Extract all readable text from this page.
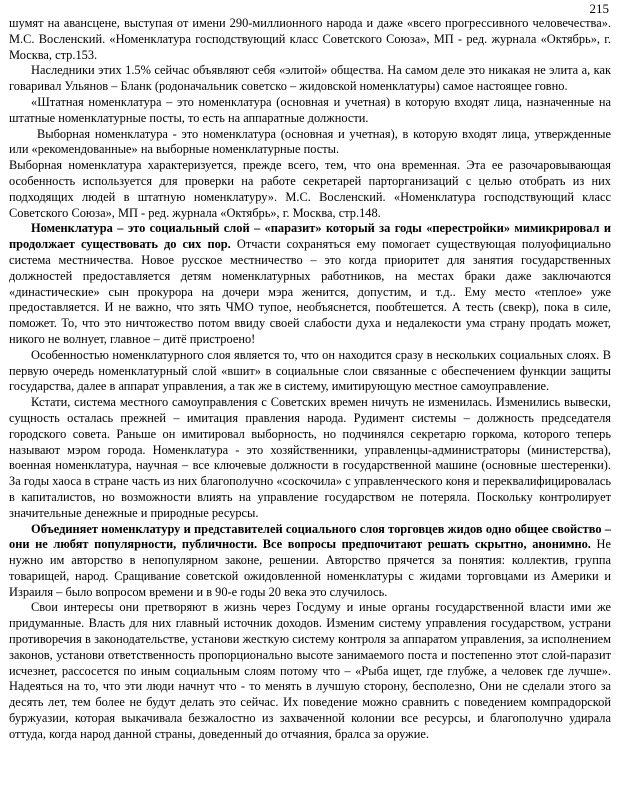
215

шумят на авансцене, выступая от имени 290-миллионного народа и даже «всего прогрессивного человечества». М.С. Восленский. «Номенклатура господствующий класс Советского Союза», МП - ред. журнала «Октябрь», г. Москва, стр.153.

Наследники этих 1.5% сейчас объявляют себя «элитой» общества. На самом деле это никакая не элита а, как говаривал Ульянов – Бланк (родоначальник советско – жидовской номенклатуры) самое настоящее говно.

«Штатная номенклатура – это номенклатура (основная и учетная) в которую входят лица, назначенные на штатные номенклатурные посты, то есть на аппаратные должности.

Выборная номенклатура - это номенклатура (основная и учетная), в которую входят лица, утвержденные или «рекомендованные» на выборные номенклатурные посты.

Выборная номенклатура характеризуется, прежде всего, тем, что она временная. Эта ее разочаровывающая особенность используется для проверки на работе секретарей парторганизаций с целью отобрать из них подходящих людей в штатную номенклатуру». М.С. Восленский. «Номенклатура господствующий класс Советского Союза», МП - ред. журнала «Октябрь», г. Москва, стр.148.

Номенклатура – это социальный слой – «паразит» который за годы «перестройки» мимикрировал и продолжает существовать до сих пор. Отчасти сохраняться ему помогает существующая полуофициально система местничества. Новое русское местничество – это когда приоритет для занятия государственных должностей предоставляется детям номенклатурных работников, на местах браки даже заключаются «династические» сын прокурора на дочери мэра женится, допустим, и т.д.. Ему место «теплое» уже предоставляется. И не важно, что зять ЧМО тупое, необъяснется, пообтешется. А тесть (свекр), пока в силе, поможет. То, что это ничтожество потом ввиду своей слабости духа и недалекости ума страну продать может, никого не волнует, главное – дитё пристроено!

Особенностью номенклатурного слоя является то, что он находится сразу в нескольких социальных слоях. В первую очередь номенклатурный слой «вшит» в социальные слои связанные с обеспечением функции защиты государства, далее в аппарат управления, а так же в систему, имитирующую местное самоуправление.

Кстати, система местного самоуправления с Советских времен ничуть не изменилась. Изменились вывески, сущность осталась прежней – имитация правления народа. Рудимент системы – должность председателя городского совета. Раньше он имитировал выборность, но подчинялся секретарю горкома, которого теперь называют мэром города. Номенклатура - это хозяйственники, управленцы-администраторы (министерства), военная номенклатура, научная – все ключевые должности в государственной машине (основные шестеренки). За годы хаоса в стране часть из них благополучно «соскочила» с управленческого коня и переквалифицировалась в капиталистов, но возможности влиять на управление государством не потеряла. Поскольку контролирует значительные денежные и природные ресурсы.

Объединяет номенклатуру и представителей социального слоя торговцев жидов одно общее свойство – они не любят популярности, публичности. Все вопросы предпочитают решать скрытно, анонимно. Не нужно им авторство в непопулярном законе, решении. Авторство прячется за понятия: коллектив, группа товарищей, народ. Сращивание советской ожидовленной номенклатуры с жидами торговцами из Америки и Израиля – было вопросом времени и в 90-е годы 20 века это случилось.

Свои интересы они претворяют в жизнь через Госдуму и иные органы государственной власти ими же придуманные. Власть для них главный источник доходов. Изменим систему управления государством, устрани противоречия в законодательстве, установи жесткую систему контроля за аппаратом управления, за исполнением законов, установи ответственность пропорционально высоте занимаемого поста и постепенно этот слой-паразит исчезнет, рассосется по иным социальным слоям потому что – «Рыба ищет, где глубже, а человек где лучше». Надеяться на то, что эти люди начнут что - то менять в лучшую сторону, бесполезно, Они не сделали этого за десять лет, тем более не будут делать это сейчас. Их поведение можно сравнить с поведением компрадорской буржуазии, которая выкачивала безжалостно из захваченной колонии все ресурсы, и благополучно удирала оттуда, когда народ данной страны, доведенный до отчаяния, бралса за оружие.
